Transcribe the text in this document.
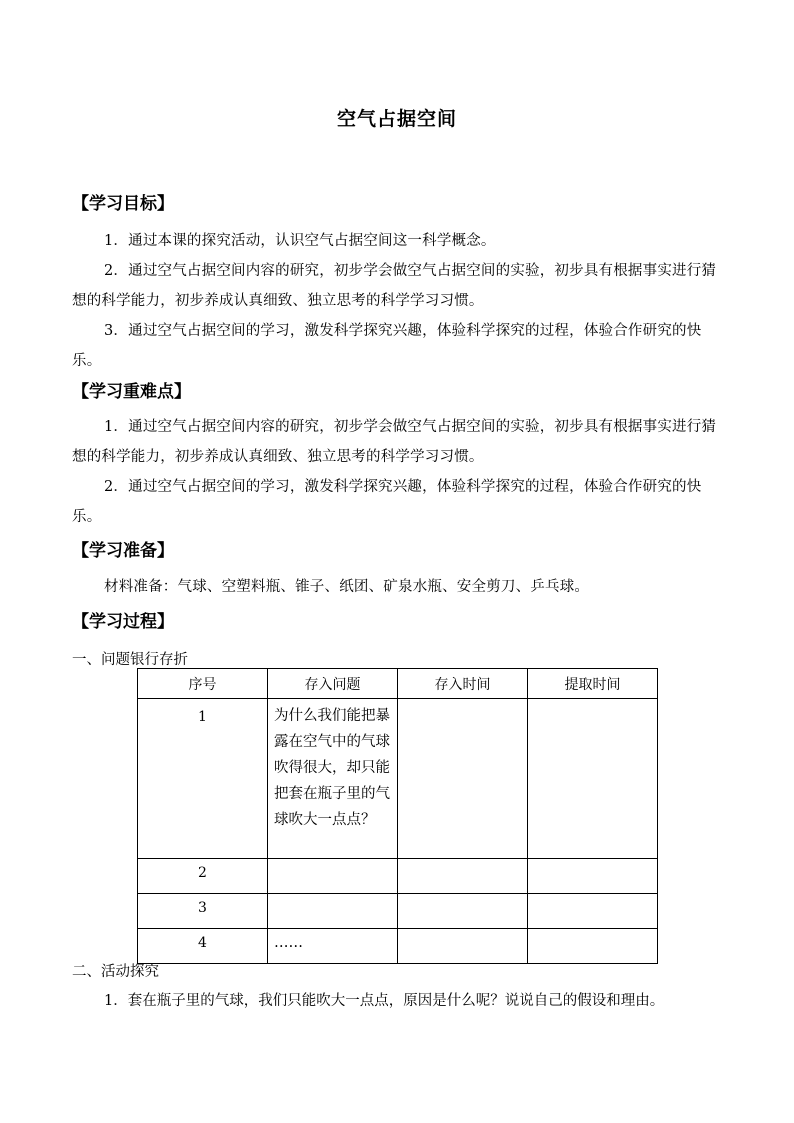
空气占据空间
【学习目标】
1．通过本课的探究活动，认识空气占据空间这一科学概念。
2．通过空气占据空间内容的研究，初步学会做空气占据空间的实验，初步具有根据事实进行猜想的科学能力，初步养成认真细致、独立思考的科学学习习惯。
3．通过空气占据空间的学习，激发科学探究兴趣，体验科学探究的过程，体验合作研究的快乐。
【学习重难点】
1．通过空气占据空间内容的研究，初步学会做空气占据空间的实验，初步具有根据事实进行猜想的科学能力，初步养成认真细致、独立思考的科学学习习惯。
2．通过空气占据空间的学习，激发科学探究兴趣，体验科学探究的过程，体验合作研究的快乐。
【学习准备】
材料准备：气球、空塑料瓶、锥子、纸团、矿泉水瓶、安全剪刀、乒乓球。
【学习过程】
一、问题银行存折
序号	存入问题	存入时间	提取时间
1	为什么我们能把暴露在空气中的气球吹得很大，却只能把套在瓶子里的气球吹大一点点？		
2			
3			
4	……		
二、活动探究
1．套在瓶子里的气球，我们只能吹大一点点，原因是什么呢？说说自己的假设和理由。
